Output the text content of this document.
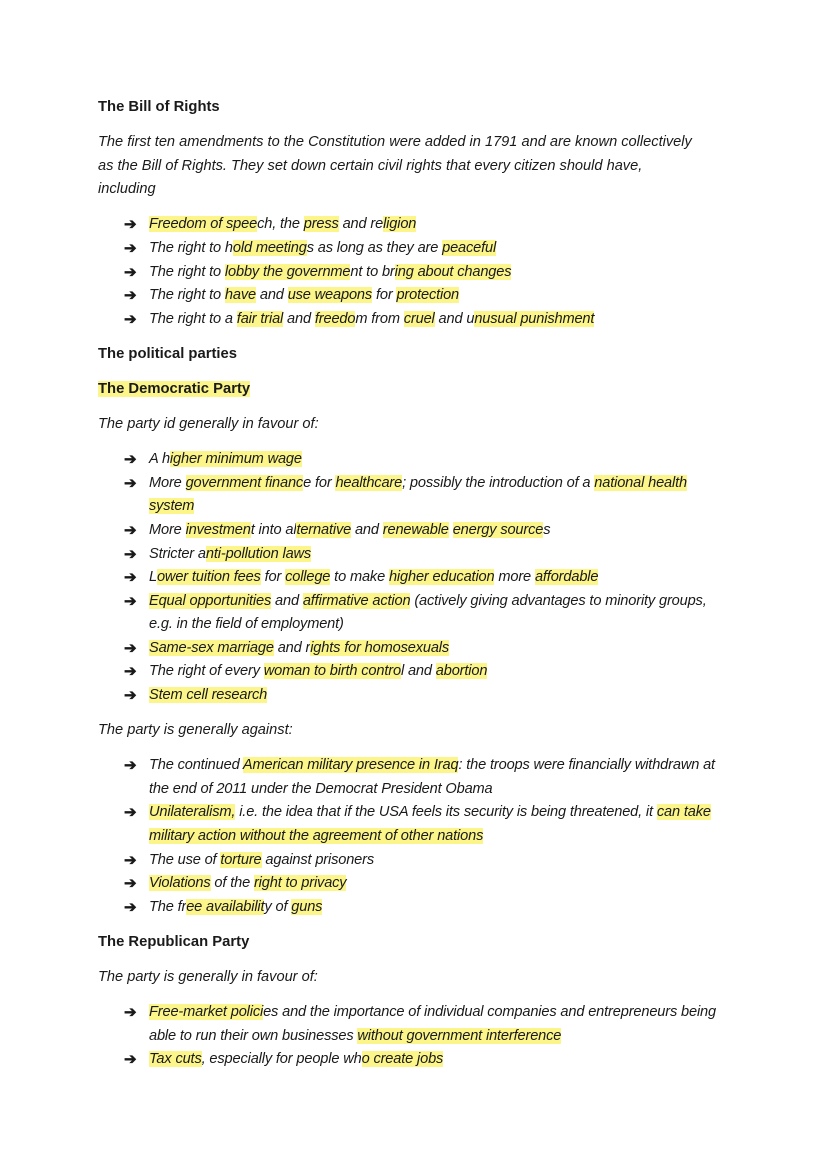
The Bill of Rights

The first ten amendments to the Constitution were added in 1791 and are known collectively as the Bill of Rights. They set down certain civil rights that every citizen should have, including

➔ Freedom of speech, the press and religion
➔ The right to hold meetings as long as they are peaceful
➔ The right to lobby the government to bring about changes
➔ The right to have and use weapons for protection
➔ The right to a fair trial and freedom from cruel and unusual punishment
The political parties
The Democratic Party

The party id generally in favour of:

➔ A higher minimum wage
➔ More government finance for healthcare; possibly the introduction of a national health system
➔ More investment into alternative and renewable energy sources
➔ Stricter anti-pollution laws
➔ Lower tuition fees for college to make higher education more affordable
➔ Equal opportunities and affirmative action (actively giving advantages to minority groups, e.g. in the field of employment)
➔ Same-sex marriage and rights for homosexuals
➔ The right of every woman to birth control and abortion
➔ Stem cell research

The party is generally against:

➔ The continued American military presence in Iraq: the troops were financially withdrawn at the end of 2011 under the Democrat President Obama
➔ Unilateralism, i.e. the idea that if the USA feels its security is being threatened, it can take military action without the agreement of other nations
➔ The use of torture against prisoners
➔ Violations of the right to privacy
➔ The free availability of guns
The Republican Party

The party is generally in favour of:

➔ Free-market policies and the importance of individual companies and entrepreneurs being able to run their own businesses without government interference
➔ Tax cuts, especially for people who create jobs
